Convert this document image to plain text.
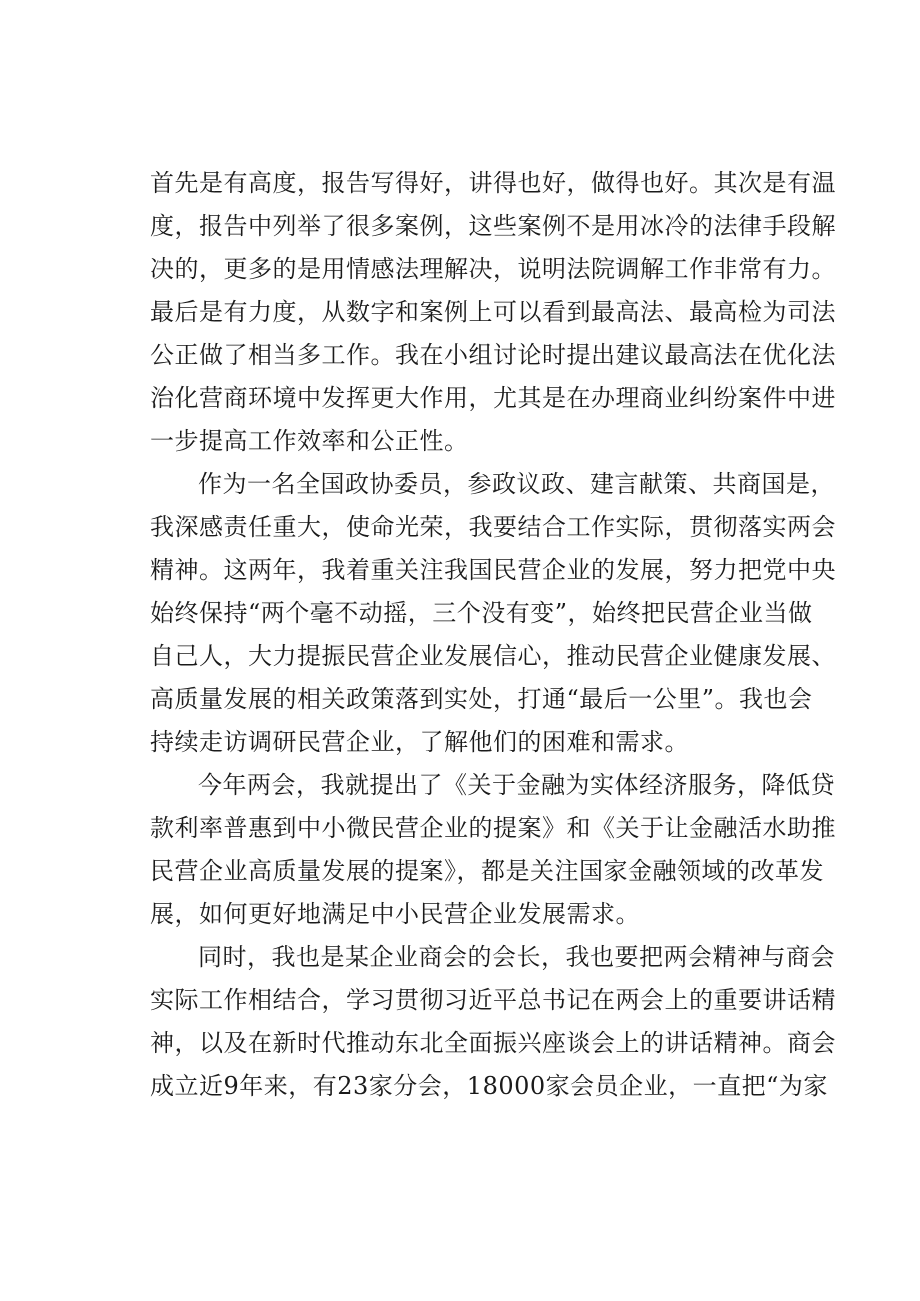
首先是有高度，报告写得好，讲得也好，做得也好。其次是有温
度，报告中列举了很多案例，这些案例不是用冰冷的法律手段解
决的，更多的是用情感法理解决，说明法院调解工作非常有力。
最后是有力度，从数字和案例上可以看到最高法、最高检为司法
公正做了相当多工作。我在小组讨论时提出建议最高法在优化法
治化营商环境中发挥更大作用，尤其是在办理商业纠纷案件中进
一步提高工作效率和公正性。
作为一名全国政协委员，参政议政、建言献策、共商国是，
我深感责任重大，使命光荣，我要结合工作实际，贯彻落实两会
精神。这两年，我着重关注我国民营企业的发展，努力把党中央
始终保持“两个毫不动摇，三个没有变”，始终把民营企业当做
自己人，大力提振民营企业发展信心，推动民营企业健康发展、
高质量发展的相关政策落到实处，打通“最后一公里”。我也会
持续走访调研民营企业，了解他们的困难和需求。
今年两会，我就提出了《关于金融为实体经济服务，降低贷
款利率普惠到中小微民营企业的提案》和《关于让金融活水助推
民营企业高质量发展的提案》，都是关注国家金融领域的改革发
展，如何更好地满足中小民营企业发展需求。
同时，我也是某企业商会的会长，我也要把两会精神与商会
实际工作相结合，学习贯彻习近平总书记在两会上的重要讲话精
神，以及在新时代推动东北全面振兴座谈会上的讲话精神。商会
成立近9年来，有23家分会，18000家会员企业，一直把“为家
